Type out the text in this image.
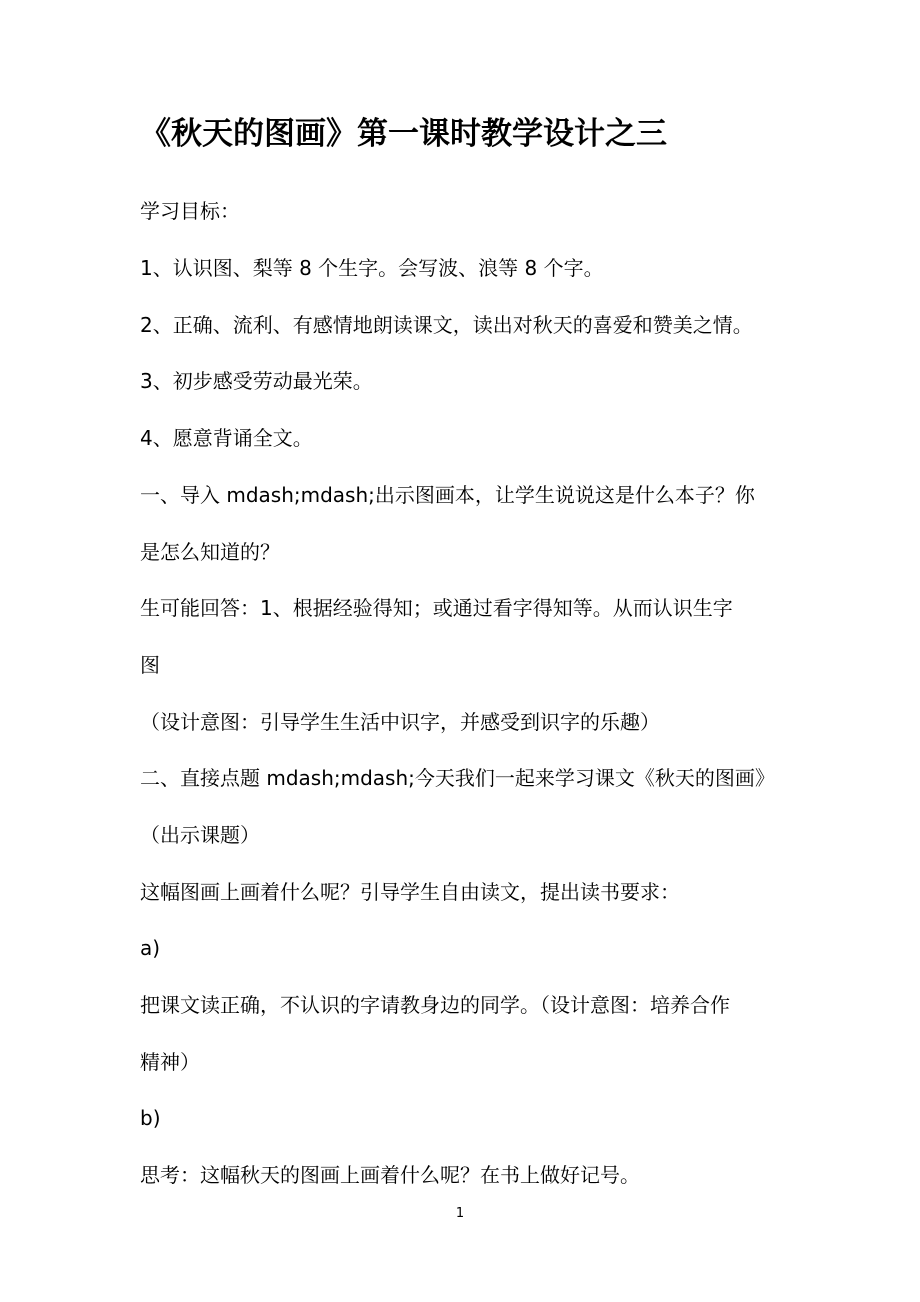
《秋天的图画》第一课时教学设计之三

学习目标：

1、认识图、梨等 8 个生字。会写波、浪等 8 个字。

2、正确、流利、有感情地朗读课文，读出对秋天的喜爱和赞美之情。

3、初步感受劳动最光荣。

4、愿意背诵全文。

一、导入 mdash;mdash;出示图画本，让学生说说这是什么本子？你

是怎么知道的？

生可能回答：1、根据经验得知；或通过看字得知等。从而认识生字

图

（设计意图：引导学生生活中识字，并感受到识字的乐趣）

二、直接点题 mdash;mdash;今天我们一起来学习课文《秋天的图画》

（出示课题）

这幅图画上画着什么呢？引导学生自由读文，提出读书要求：

a)

把课文读正确，不认识的字请教身边的同学。（设计意图：培养合作

精神）

b)

思考：这幅秋天的图画上画着什么呢？在书上做好记号。

1
